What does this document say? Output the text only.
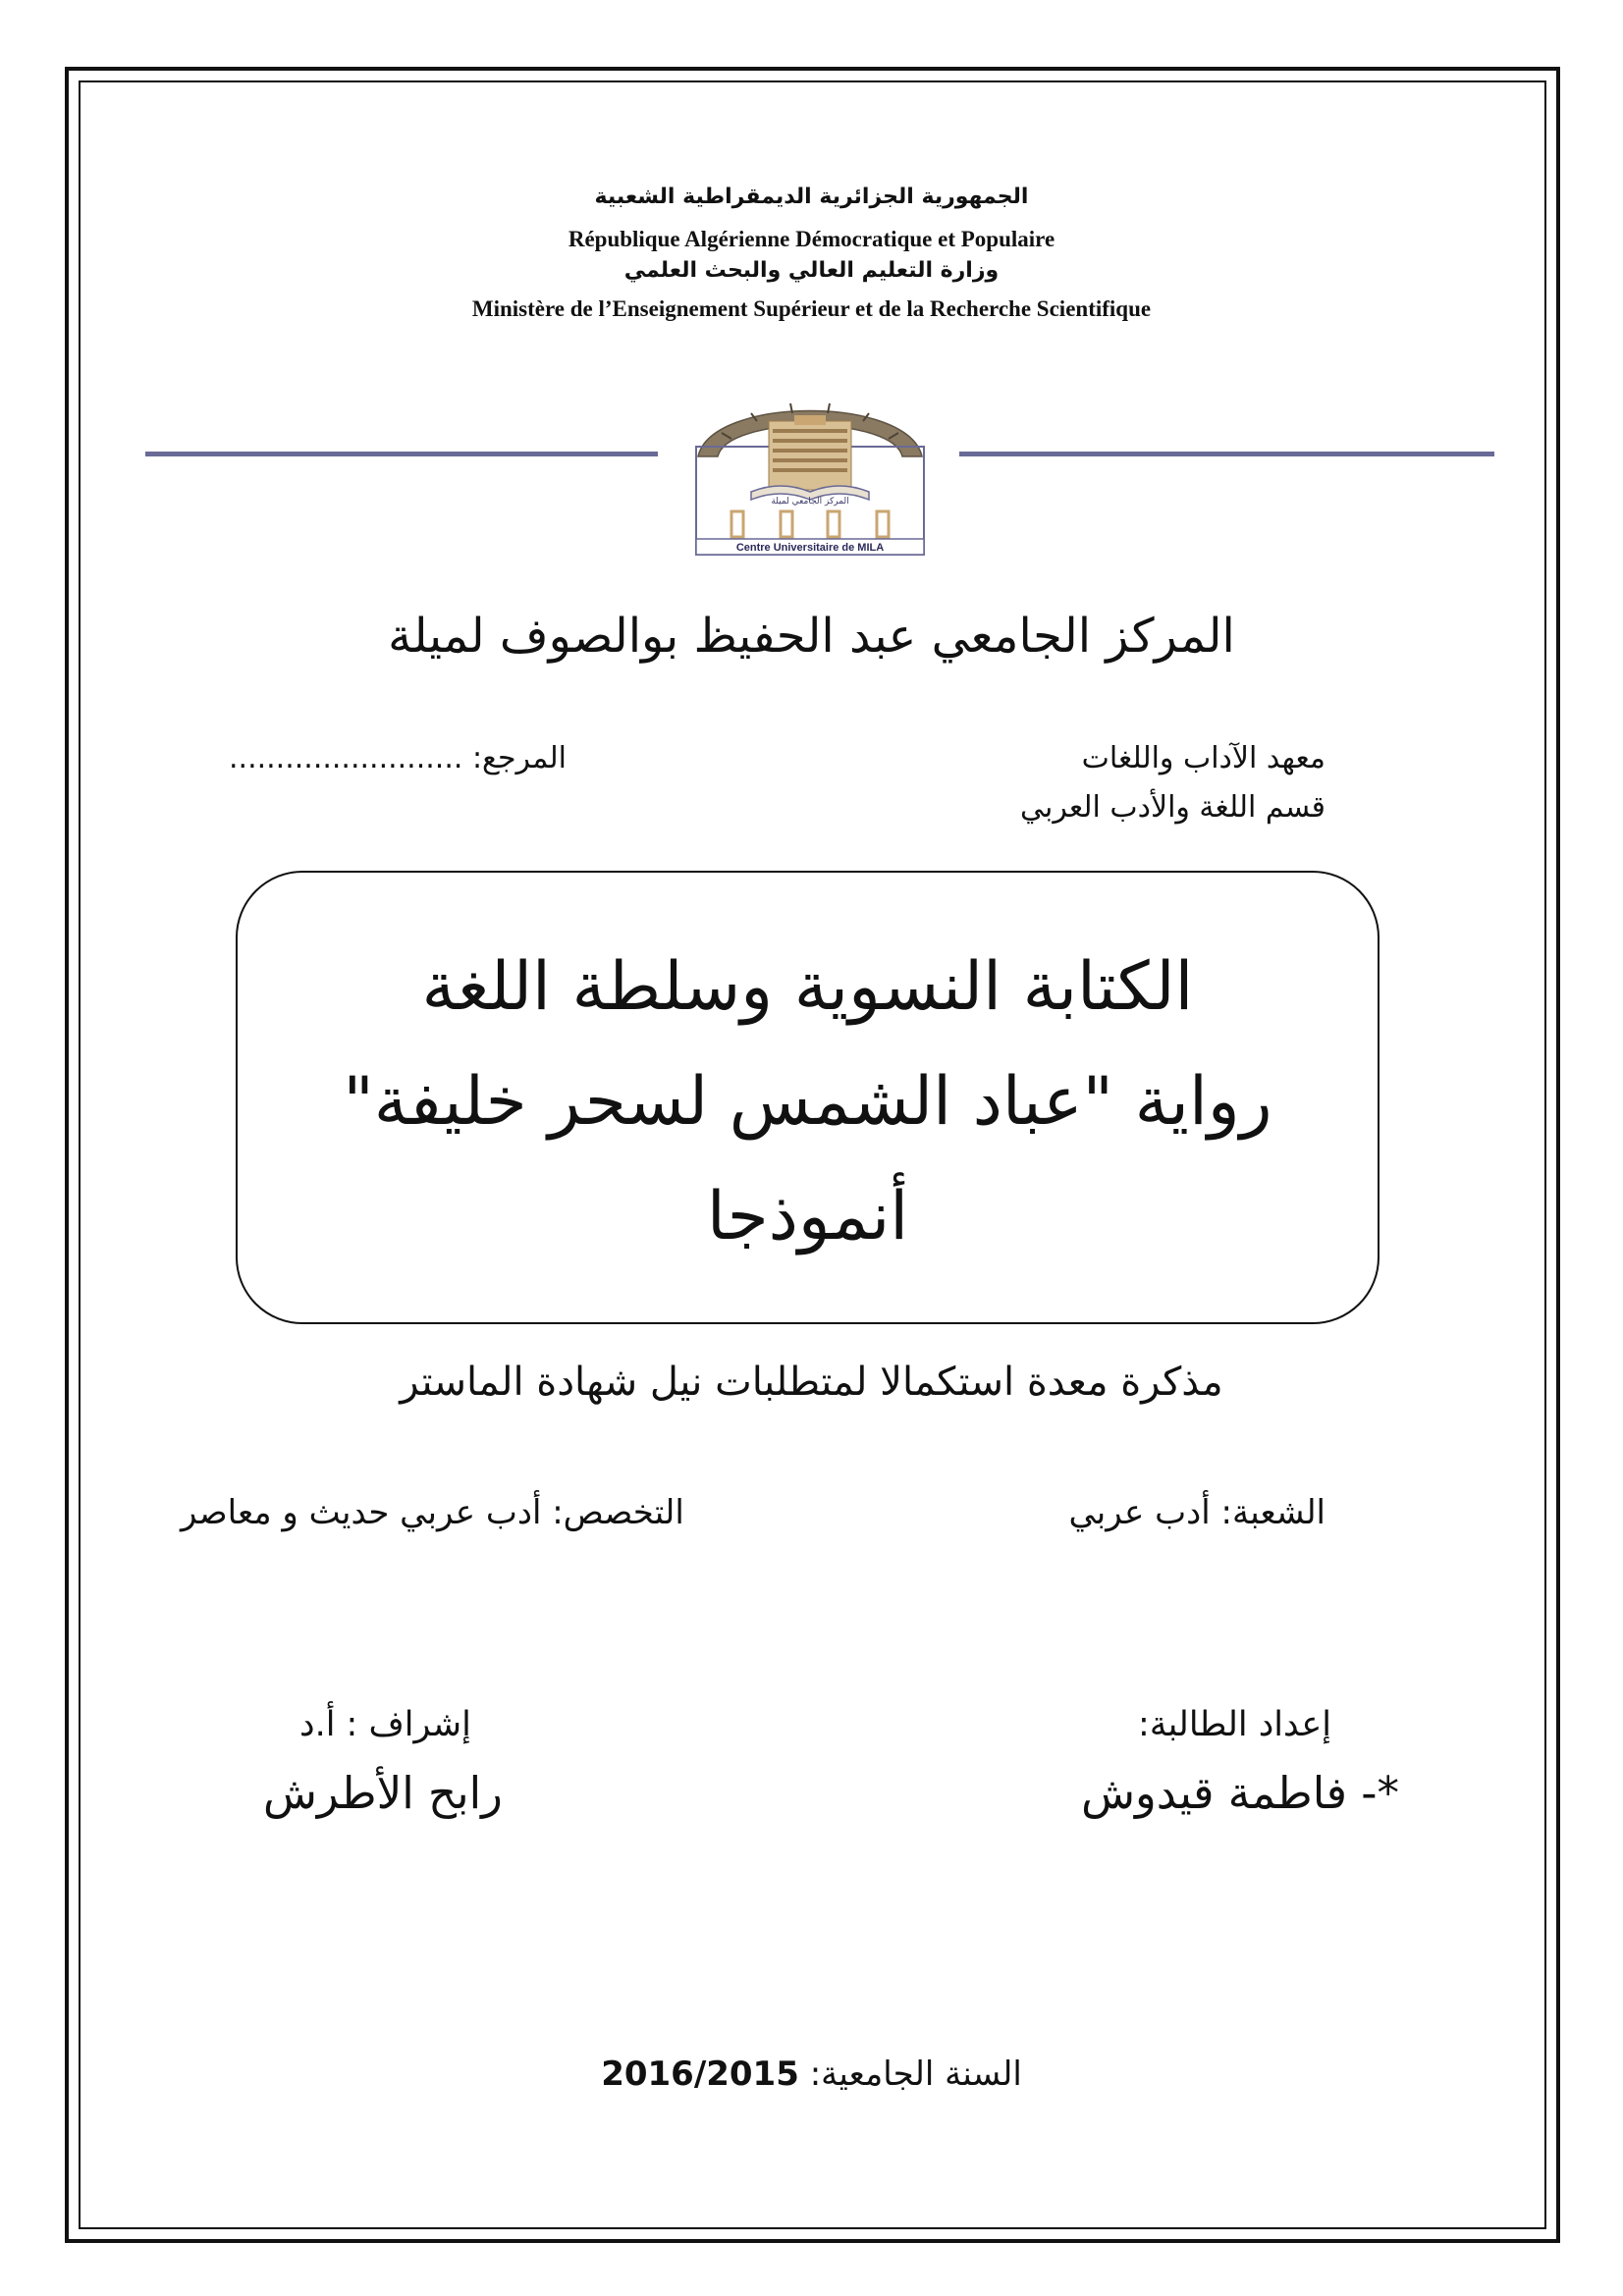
الجمهورية الجزائرية الديمقراطية الشعبية
République Algérienne Démocratique et Populaire
وزارة التعليم العالي والبحث العلمي
Ministère de l’Enseignement Supérieur et de la Recherche Scientifique
المركز الجامعي لميلة
Centre Universitaire de MILA
المركز الجامعي عبد الحفيظ بوالصوف لميلة
معهد الآداب واللغات
قسم اللغة والأدب العربي
المرجع: .........................
الكتابة النسوية وسلطة اللغة
رواية "عباد الشمس لسحر خليفة"
أنموذجا
مذكرة معدة استكمالا لمتطلبات نيل شهادة الماستر
الشعبة: أدب عربي
التخصص: أدب عربي حديث و معاصر
إعداد الطالبة:
*- فاطمة قيدوش
إشراف : أ.د
رابح الأطرش
السنة الجامعية: 2016/2015
